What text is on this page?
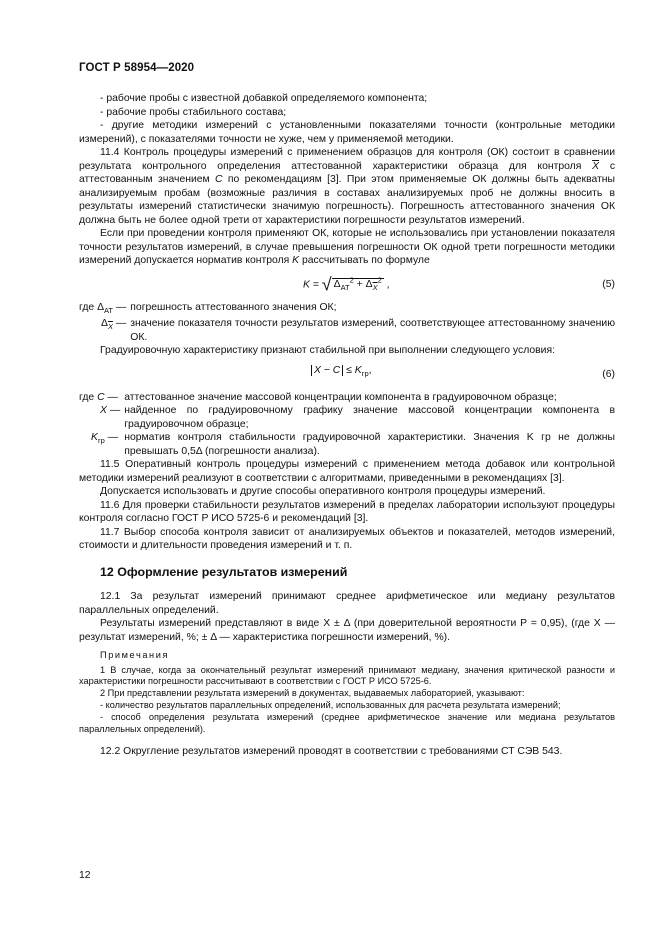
ГОСТ Р 58954—2020

- рабочие пробы с известной добавкой определяемого компонента;

- рабочие пробы стабильного состава;

- другие методики измерений с установленными показателями точности (контрольные методики измерений), с показателями точности не хуже, чем у применяемой методики.

11.4 Контроль процедуры измерений с применением образцов для контроля (ОК) состоит в сравнении результата контрольного определения аттестованной характеристики образца для контроля $\overline{X}$ с аттестованным значением C по рекомендациям [3]. При этом применяемые ОК должны быть адекватны анализируемым пробам (возможные различия в составах анализируемых проб не должны вносить в результаты измерений статистически значимую погрешность). Погрешность аттестованного значения ОК должна быть не более одной трети от характеристики погрешности результатов измерений.

Если при проведении контроля применяют ОК, которые не использовались при установлении показателя точности результатов измерений, в случае превышения погрешности ОК одной трети погрешности методики измерений допускается норматив контроля K рассчитывать по формуле

K = √ $\Delta_{АТ}^2 + \Delta_{\overline{X}}^2$ ,	(5)
где $\Delta_{АТ}$ —	погрешность аттестованного значения ОК;
$\Delta_{\overline{X}}$ —	значение показателя точности результатов измерений, соответствующее аттестованному значению ОК.

Градуировочную характеристику признают стабильной при выполнении следующего условия:

$X - C \le K_{гр}$,	(6)
где C —	аттестованное значение массовой концентрации компонента в градуировочном образце;
X —	найденное по градуировочному графику значение массовой концентрации компонента в градуировочном образце;
$K_{гр}$ —	норматив контроля стабильности градуировочной характеристики. Значения K гр не должны превышать 0,5Δ (погрешности анализа).

11.5 Оперативный контроль процедуры измерений с применением метода добавок или контрольной методики измерений реализуют в соответствии с алгоритмами, приведенными в рекомендациях [3].

Допускается использовать и другие способы оперативного контроля процедуры измерений.

11.6 Для проверки стабильности результатов измерений в пределах лаборатории используют процедуры контроля согласно ГОСТ Р ИСО 5725-6 и рекомендаций [3].

11.7 Выбор способа контроля зависит от анализируемых объектов и показателей, методов измерений, стоимости и длительности проведения измерений и т. п.

12 Оформление результатов измерений

12.1 За результат измерений принимают среднее арифметическое или медиану результатов параллельных определений.

Результаты измерений представляют в виде X ± Δ (при доверительной вероятности P = 0,95), (где X — результат измерений, %; ± Δ — характеристика погрешности измерений, %).

Примечания

1 В случае, когда за окончательный результат измерений принимают медиану, значения критической разности и характеристики погрешности рассчитывают в соответствии с ГОСТ Р ИСО 5725-6.

2 При представлении результата измерений в документах, выдаваемых лабораторией, указывают:

- количество результатов параллельных определений, использованных для расчета результата измерений;

- способ определения результата измерений (среднее арифметическое значение или медиана результатов параллельных определений).

12.2 Округление результатов измерений проводят в соответствии с требованиями СТ СЭВ 543.

12
